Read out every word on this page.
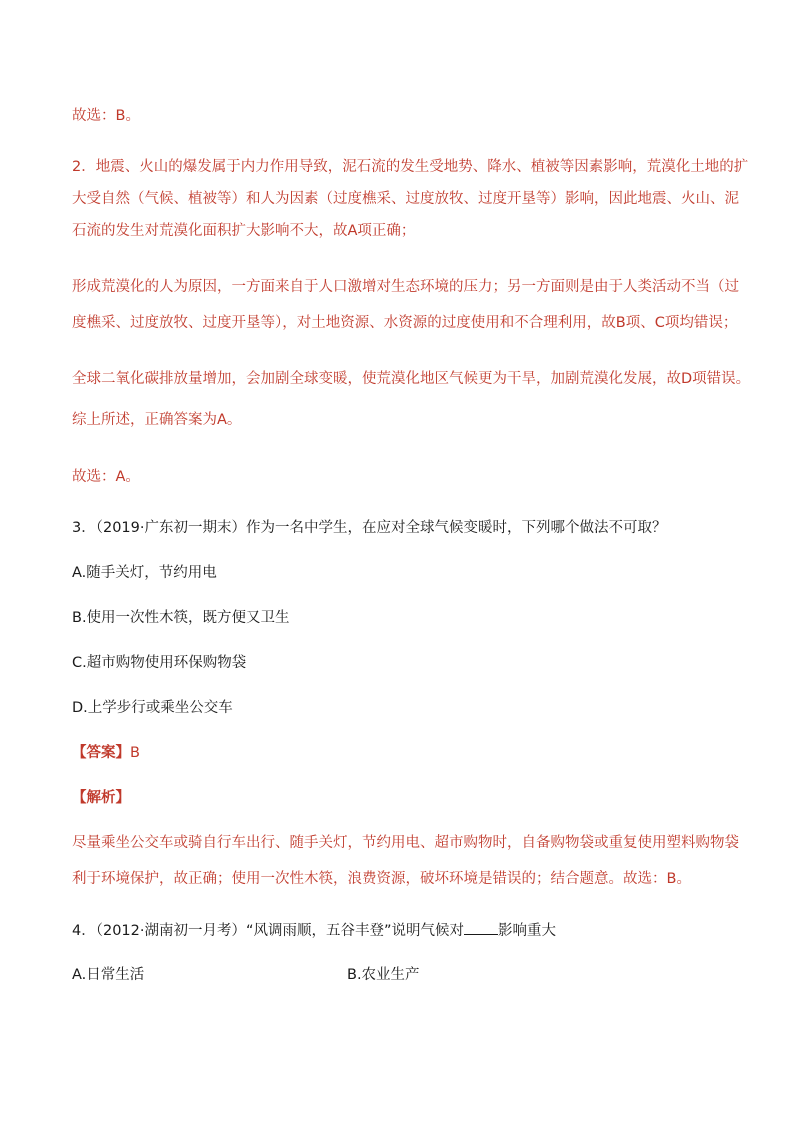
故选：B。

2．地震、火山的爆发属于内力作用导致，泥石流的发生受地势、降水、植被等因素影响，荒漠化土地的扩

大受自然（气候、植被等）和人为因素（过度樵采、过度放牧、过度开垦等）影响，因此地震、火山、泥

石流的发生对荒漠化面积扩大影响不大，故A项正确；

形成荒漠化的人为原因，一方面来自于人口激增对生态环境的压力；另一方面则是由于人类活动不当（过

度樵采、过度放牧、过度开垦等），对土地资源、水资源的过度使用和不合理利用，故B项、C项均错误；

全球二氧化碳排放量增加，会加剧全球变暖，使荒漠化地区气候更为干旱，加剧荒漠化发展，故D项错误。

综上所述，正确答案为A。

故选：A。

3．（2019·广东初一期末）作为一名中学生，在应对全球气候变暖时，下列哪个做法不可取？

A.随手关灯，节约用电

B.使用一次性木筷，既方便又卫生

C.超市购物使用环保购物袋

D.上学步行或乘坐公交车

【答案】B

【解析】

尽量乘坐公交车或骑自行车出行、随手关灯，节约用电、超市购物时，自备购物袋或重复使用塑料购物袋

利于环境保护，故正确；使用一次性木筷，浪费资源，破坏环境是错误的；结合题意。故选：B。

4．（2012·湖南初一月考）“风调雨顺，五谷丰登”说明气候对 影响重大

A.日常生活	B.农业生产
